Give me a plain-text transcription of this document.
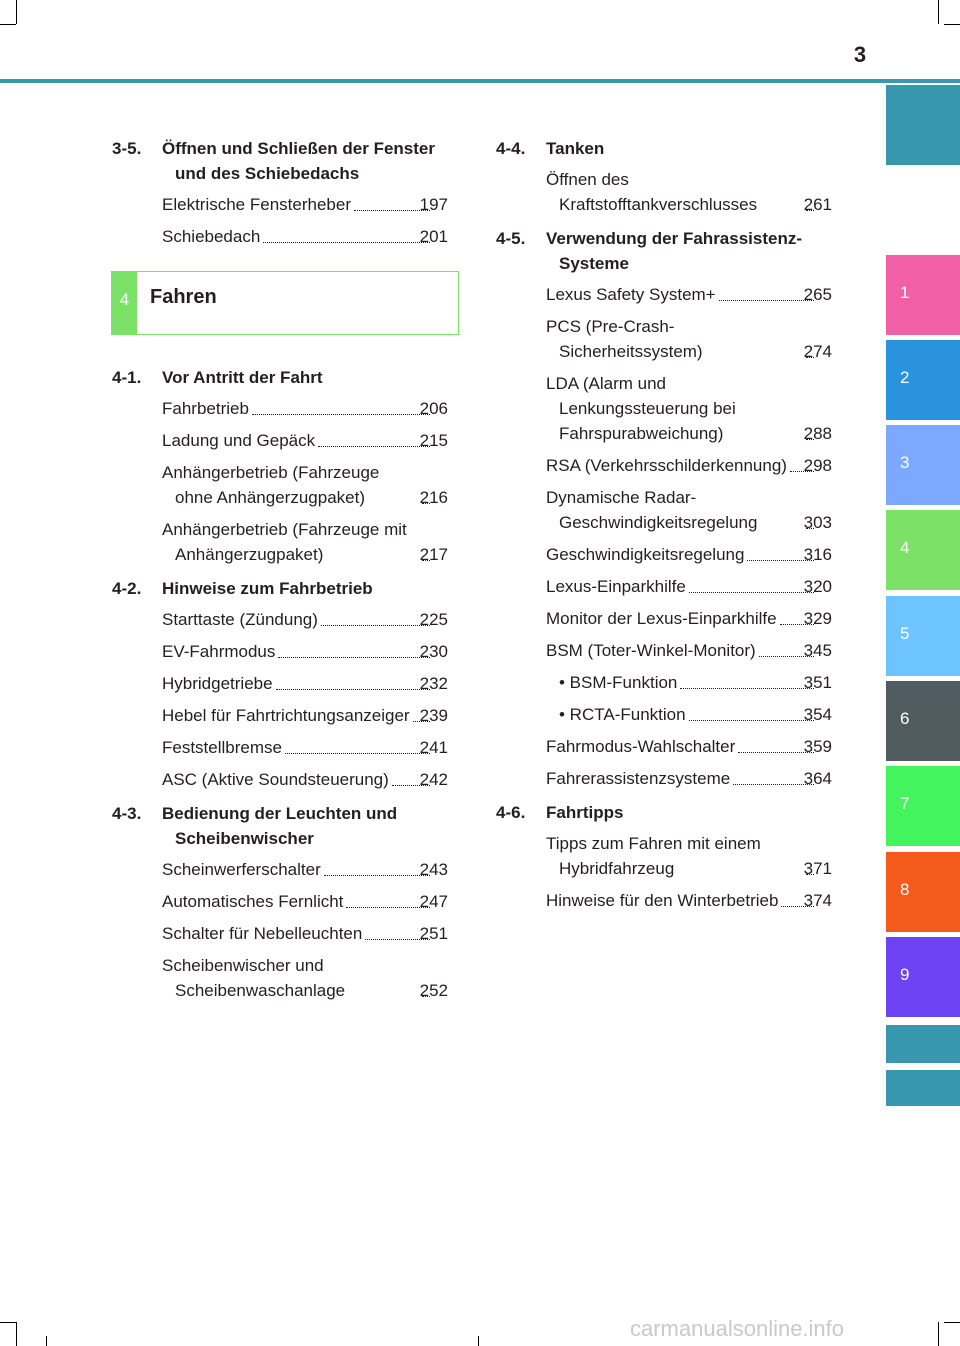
3
1
2
3
4
5
6
7
8
9
3-5.	Öffnen und Schließen der Fenster und des Schiebedachs
Elektrische Fensterheber	197
Schiebedach	201
4	Fahren
4-1.	Vor Antritt der Fahrt
Fahrbetrieb	206
Ladung und Gepäck	215
Anhängerbetrieb (Fahrzeuge ohne Anhängerzugpaket)	216
Anhängerbetrieb (Fahrzeuge mit Anhängerzugpaket)	217
4-2.	Hinweise zum Fahrbetrieb
Starttaste (Zündung)	225
EV-Fahrmodus	230
Hybridgetriebe	232
Hebel für Fahrtrichtungsanzeiger 239
Feststellbremse	241
ASC (Aktive Soundsteuerung) 242
4-3.	Bedienung der Leuchten und Scheibenwischer
Scheinwerferschalter	243
Automatisches Fernlicht	247
Schalter für Nebelleuchten	251
Scheibenwischer und Scheibenwaschanlage	252
4-4.	Tanken
Öffnen des Kraftstofftankverschlusses	261
4-5.	Verwendung der Fahrassistenz-Systeme
Lexus Safety System+	265
PCS (Pre-Crash-Sicherheitssystem)	274
LDA (Alarm und Lenkungssteuerung bei Fahrspurabweichung)	288
RSA (Verkehrsschilderkennung) 298
Dynamische Radar-Geschwindigkeitsregelung	303
Geschwindigkeitsregelung	316
Lexus-Einparkhilfe	320
Monitor der Lexus-Einparkhilfe 329
BSM (Toter-Winkel-Monitor)	345
• BSM-Funktion	351
• RCTA-Funktion	354
Fahrmodus-Wahlschalter	359
Fahrerassistenzsysteme	364
4-6.	Fahrtipps
Tipps zum Fahren mit einem Hybridfahrzeug	371
Hinweise für den Winterbetrieb 374
carmanualsonline.info
